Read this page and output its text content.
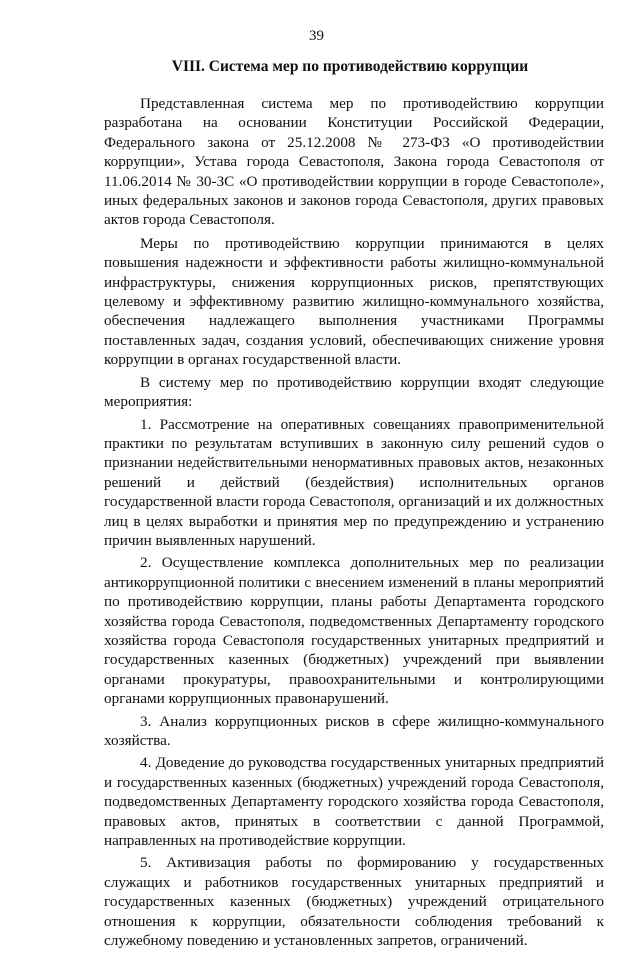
39
VIII. Система мер по противодействию коррупции

Представленная система мер по противодействию коррупции разработана на основании Конституции Российской Федерации, Федерального закона от 25.12.2008 № 273-ФЗ «О противодействии коррупции», Устава города Севастополя, Закона города Севастополя от 11.06.2014 № 30-ЗС «О противодействии коррупции в городе Севастополе», иных федеральных законов и законов города Севастополя, других правовых актов города Севастополя.

Меры по противодействию коррупции принимаются в целях повышения надежности и эффективности работы жилищно-коммунальной инфраструктуры, снижения коррупционных рисков, препятствующих целевому и эффективному развитию жилищно-коммунального хозяйства, обеспечения надлежащего выполнения участниками Программы поставленных задач, создания условий, обеспечивающих снижение уровня коррупции в органах государственной власти.

В систему мер по противодействию коррупции входят следующие мероприятия:

1. Рассмотрение на оперативных совещаниях правоприменительной практики по результатам вступивших в законную силу решений судов о признании недействительными ненормативных правовых актов, незаконных решений и действий (бездействия) исполнительных органов государственной власти города Севастополя, организаций и их должностных лиц в целях выработки и принятия мер по предупреждению и устранению причин выявленных нарушений.

2. Осуществление комплекса дополнительных мер по реализации антикоррупционной политики с внесением изменений в планы мероприятий по противодействию коррупции, планы работы Департамента городского хозяйства города Севастополя, подведомственных Департаменту городского хозяйства города Севастополя государственных унитарных предприятий и государственных казенных (бюджетных) учреждений при выявлении органами прокуратуры, правоохранительными и контролирующими органами коррупционных правонарушений.

3. Анализ коррупционных рисков в сфере жилищно-коммунального хозяйства.

4. Доведение до руководства государственных унитарных предприятий и государственных казенных (бюджетных) учреждений города Севастополя, подведомственных Департаменту городского хозяйства города Севастополя, правовых актов, принятых в соответствии с данной Программой, направленных на противодействие коррупции.

5. Активизация работы по формированию у государственных служащих и работников государственных унитарных предприятий и государственных казенных (бюджетных) учреждений отрицательного отношения к коррупции, обязательности соблюдения требований к служебному поведению и установленных запретов, ограничений.
